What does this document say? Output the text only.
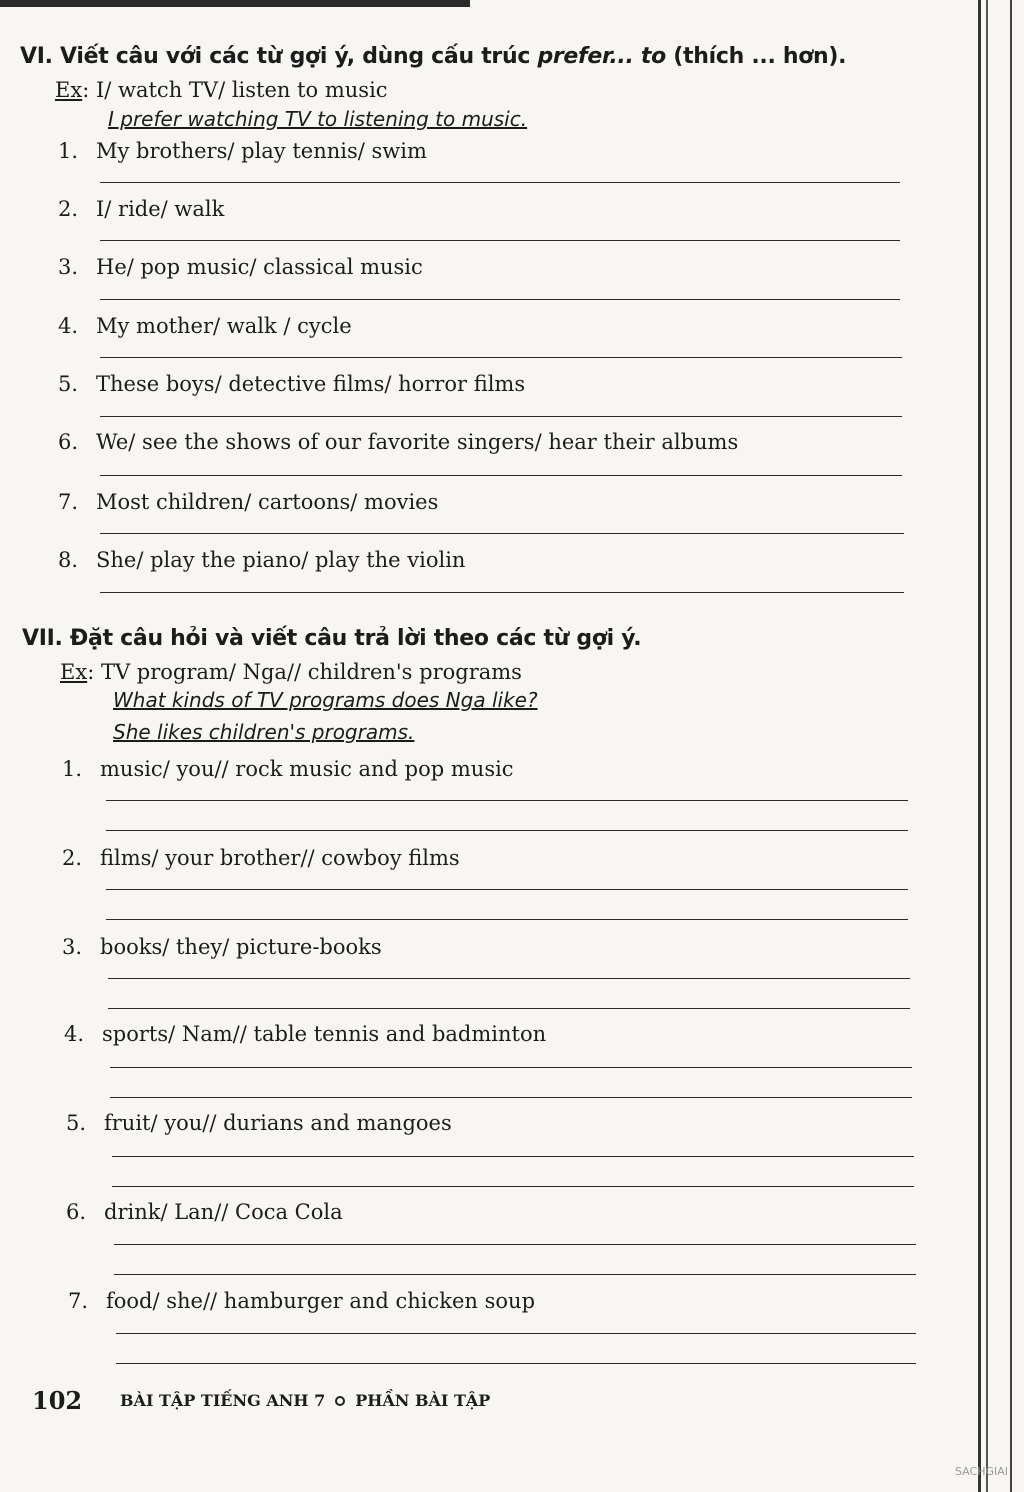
VI. Viết câu với các từ gợi ý, dùng cấu trúc prefer... to (thích ... hơn).
Ex: I/ watch TV/ listen to music
I prefer watching TV to listening to music.
1. My brothers/ play tennis/ swim
2. I/ ride/ walk
3. He/ pop music/ classical music
4. My mother/ walk / cycle
5. These boys/ detective films/ horror films
6. We/ see the shows of our favorite singers/ hear their albums
7. Most children/ cartoons/ movies
8. She/ play the piano/ play the violin
VII. Đặt câu hỏi và viết câu trả lời theo các từ gợi ý.
Ex: TV program/ Nga// children's programs
What kinds of TV programs does Nga like?
She likes children's programs.
1. music/ you// rock music and pop music
2. films/ your brother// cowboy films
3. books/ they/ picture-books
4. sports/ Nam// table tennis and badminton
5. fruit/ you// durians and mangoes
6. drink/ Lan// Coca Cola
7. food/ she// hamburger and chicken soup
102 BÀI TẬP TIẾNG ANH 7 PHẦN BÀI TẬP
SACHGIAI
